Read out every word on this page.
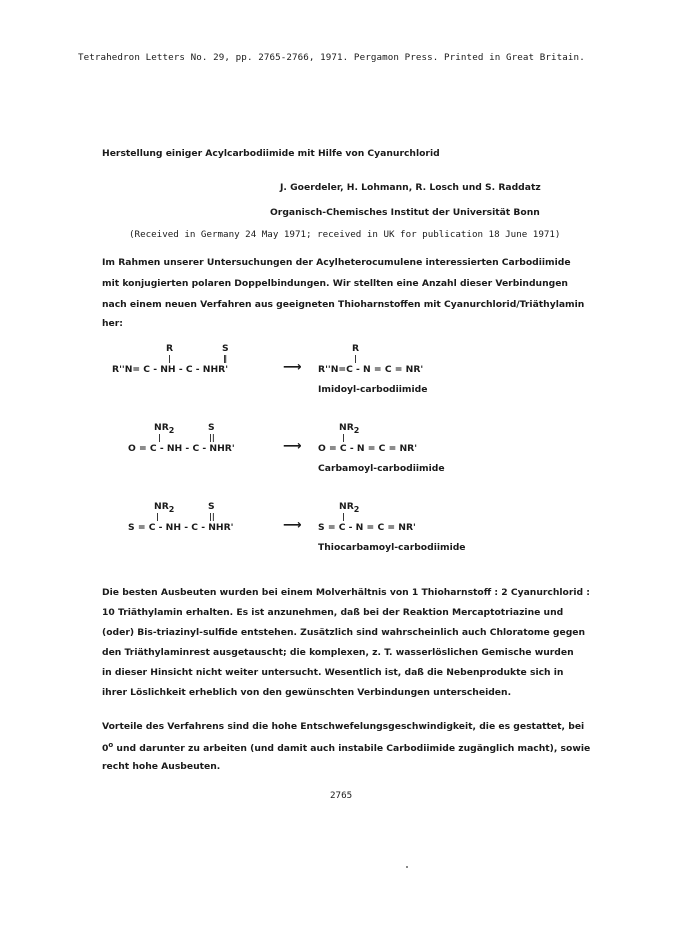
Tetrahedron Letters No. 29, pp. 2765-2766, 1971. Pergamon Press. Printed in Great Britain.
Herstellung einiger Acylcarbodiimide mit Hilfe von Cyanurchlorid
J. Goerdeler, H. Lohmann, R. Losch und S. Raddatz
Organisch-Chemisches Institut der Universität Bonn
(Received in Germany 24 May 1971; received in UK for publication 18 June 1971)
Im Rahmen unserer Untersuchungen der Acylheterocumulene interessierten Carbodiimide
mit konjugierten polaren Doppelbindungen. Wir stellten eine Anzahl dieser Verbindungen
nach einem neuen Verfahren aus geeigneten Thioharnstoffen mit Cyanurchlorid/Triäthylamin
her:
R	S
|	‖
R''N= C - NH - C - NHR'	⟶
R
|
R''N=C - N = C = NR'
Imidoyl-carbodiimide
$NR_2$	S
|	||
O = C - NH - C - NHR'	⟶
$NR_2$
|
O = C - N = C = NR'
Carbamoyl-carbodiimide
$NR_2$	S
|	||
S = C - NH - C - NHR'	⟶
$NR_2$
|
S = C - N = C = NR'
Thiocarbamoyl-carbodiimide
Die besten Ausbeuten wurden bei einem Molverhältnis von 1 Thioharnstoff : 2 Cyanurchlorid :
10 Triäthylamin erhalten. Es ist anzunehmen, daß bei der Reaktion Mercaptotriazine und
(oder) Bis-triazinyl-sulfide entstehen. Zusätzlich sind wahrscheinlich auch Chloratome gegen
den Triäthylaminrest ausgetauscht; die komplexen, z. T. wasserlöslichen Gemische wurden
in dieser Hinsicht nicht weiter untersucht. Wesentlich ist, daß die Nebenprodukte sich in
ihrer Löslichkeit erheblich von den gewünschten Verbindungen unterscheiden.
Vorteile des Verfahrens sind die hohe Entschwefelungsgeschwindigkeit, die es gestattet, bei
0$^o$ und darunter zu arbeiten (und damit auch instabile Carbodiimide zugänglich macht), sowie
recht hohe Ausbeuten.
2765
